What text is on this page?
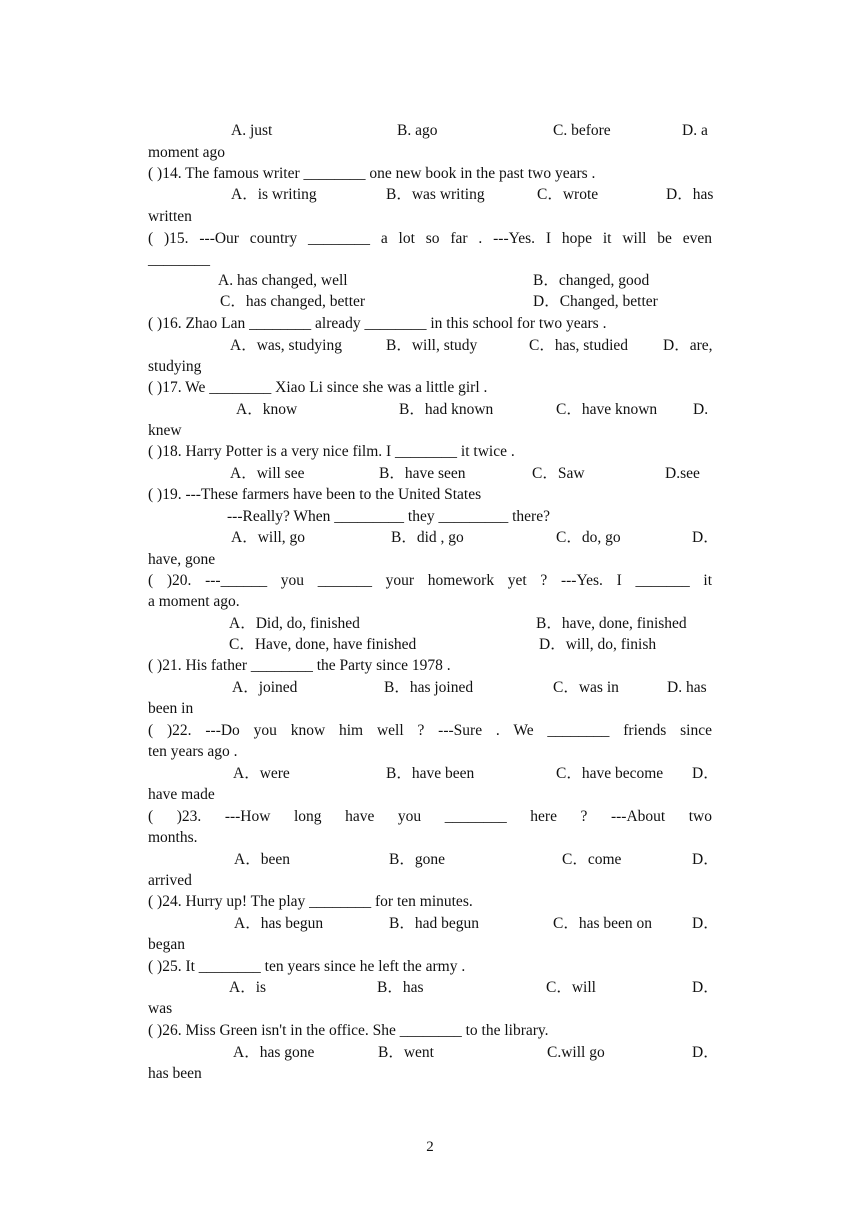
A. just	B. ago	C. before	D. a
moment ago
( )14. The famous writer ________ one new book in the past two years .
A．is writing	B．was writing	C．wrote	D．has
written
( )15. ---Our country ________ a lot so far . ---Yes. I hope it will be even
________
A. has changed, well	B．changed, good
C．has changed, better	D．Changed, better
( )16. Zhao Lan ________ already ________ in this school for two years .
A．was, studying	B．will, study	C．has, studied D．are,
studying
( )17. We ________ Xiao Li since she was a little girl .
A．know	B．had known	C．have known D.
knew
( )18. Harry Potter is a very nice film. I ________ it twice .
A．will see	B．have seen	C．Saw	D.see
( )19. ---These farmers have been to the United States
---Really? When _________ they _________ there?
A．will, go	B．did , go	C．do, go	D．
have, gone
( )20. ---______ you _______ your homework yet ? ---Yes. I _______ it
a moment ago.
A．Did, do, finished	B．have, done, finished
C．Have, done, have finished	D．will, do, finish
( )21. His father ________ the Party since 1978 .
A．joined	B．has joined	C．was in	D. has
been in
( )22. ---Do you know him well ? ---Sure . We ________ friends since
ten years ago .
A．were	B．have been	C．have become D．
have made
( )23. ---How long have you ________ here ? ---About two
months.
A．been	B．gone	C．come	D．
arrived
( )24. Hurry up! The play ________ for ten minutes.
A．has begun	B．had begun	C．has been on	D．
began
( )25. It ________ ten years since he left the army .
A．is	B．has	C．will	D．
was
( )26. Miss Green isn't in the office. She ________ to the library.
A．has gone	B．went	C.will go	D．
has been
2
